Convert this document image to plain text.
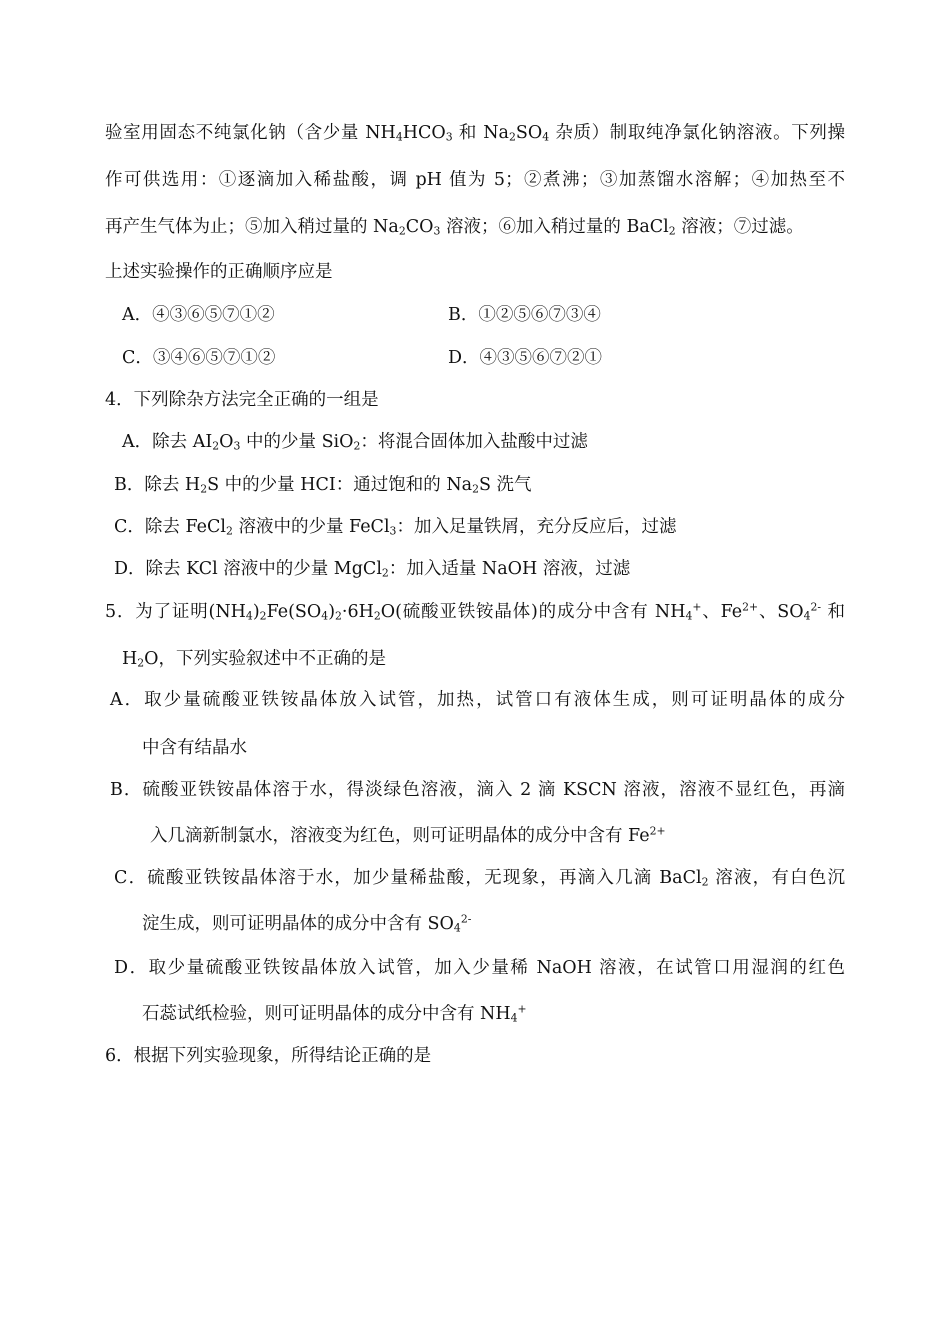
验室用固态不纯氯化钠（含少量 $NH_4HCO_3$ 和 $Na_2SO_4$ 杂质）制取纯净氯化钠溶液。下列操
作可供选用：①逐滴加入稀盐酸，调 pH 值为 5；②煮沸；③加蒸馏水溶解；④加热至不
再产生气体为止；⑤加入稍过量的 $Na_2CO_3$ 溶液；⑥加入稍过量的 BaCl$_2$ 溶液；⑦过滤。
上述实验操作的正确顺序应是
A．④③⑥⑤⑦①②	B．①②⑤⑥⑦③④
C．③④⑥⑤⑦①②	D．④③⑤⑥⑦②①
4．下列除杂方法完全正确的一组是
A．除去 $AI_2O_3$ 中的少量 SiO$_2$：将混合固体加入盐酸中过滤
B．除去 $H_2S$ 中的少量 HCI：通过饱和的 $Na_2S$ 洗气
C．除去 FeCl$_2$ 溶液中的少量 FeCl$_3$：加入足量铁屑，充分反应后，过滤
D．除去 KCl 溶液中的少量 MgCl$_2$：加入适量 NaOH 溶液，过滤
5．为了证明$(NH_4)_2Fe(SO_4)_2\cdot 6H_2O$(硫酸亚铁铵晶体)的成分中含有 $NH_4^+$、$Fe^{2+}$、$SO_4^{2-}$ 和
$H_2O$，下列实验叙述中不正确的是
A．取少量硫酸亚铁铵晶体放入试管，加热，试管口有液体生成，则可证明晶体的成分
中含有结晶水
B．硫酸亚铁铵晶体溶于水，得淡绿色溶液，滴入 2 滴 KSCN 溶液，溶液不显红色，再滴
入几滴新制氯水，溶液变为红色，则可证明晶体的成分中含有 $Fe^{2+}$
C．硫酸亚铁铵晶体溶于水，加少量稀盐酸，无现象，再滴入几滴 BaCl$_2$ 溶液，有白色沉
淀生成，则可证明晶体的成分中含有 $SO_4^{2-}$
D．取少量硫酸亚铁铵晶体放入试管，加入少量稀 NaOH 溶液，在试管口用湿润的红色
石蕊试纸检验，则可证明晶体的成分中含有 $NH_4^+$
6．根据下列实验现象，所得结论正确的是
